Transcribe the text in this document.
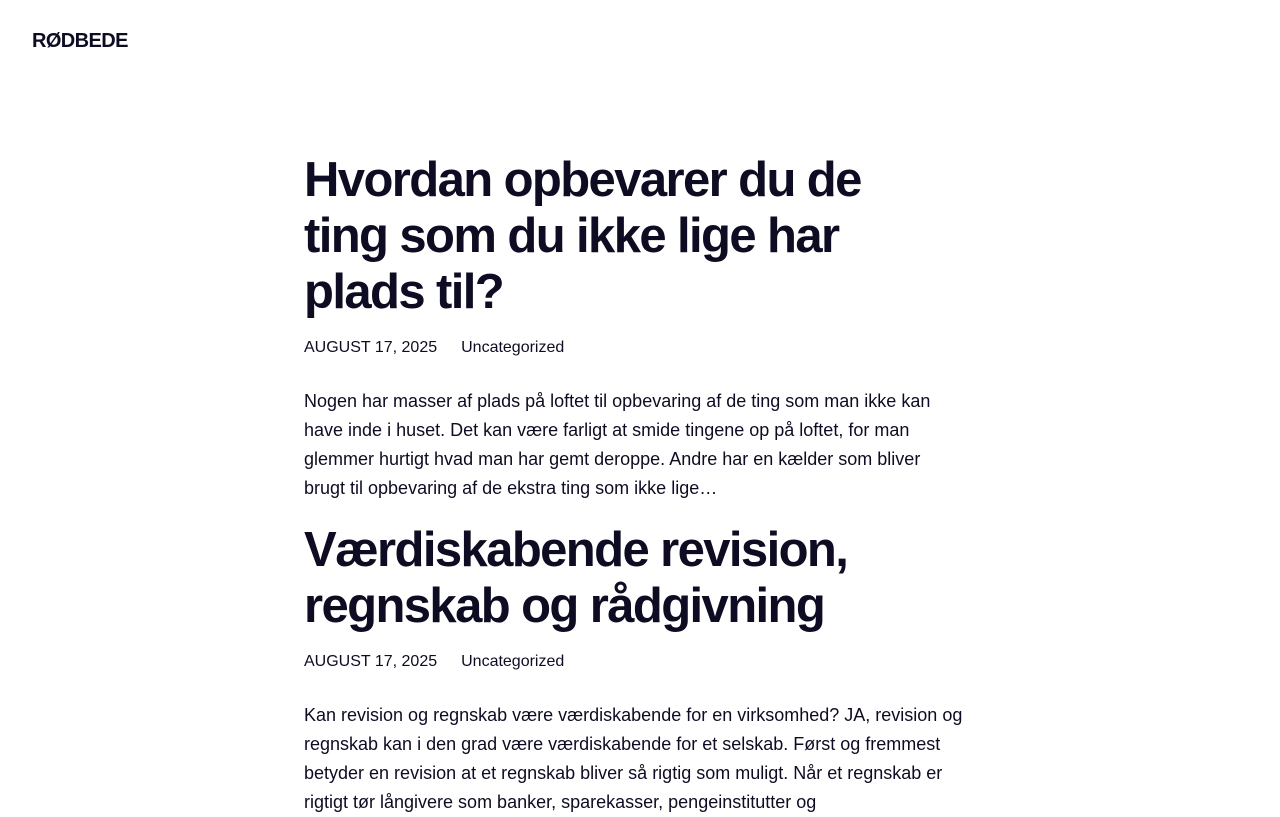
RØDBEDE
Hvordan opbevarer du de ting som du ikke lige har plads til?
AUGUST 17, 2025 Uncategorized

Nogen har masser af plads på loftet til opbevaring af de ting som man ikke kan have inde i huset. Det kan være farligt at smide tingene op på loftet, for man glemmer hurtigt hvad man har gemt deroppe. Andre har en kælder som bliver brugt til opbevaring af de ekstra ting som ikke lige…

Værdiskabende revision, regnskab og rådgivning
AUGUST 17, 2025 Uncategorized

Kan revision og regnskab være værdiskabende for en virksomhed? JA, revision og regnskab kan i den grad være værdiskabende for et selskab. Først og fremmest betyder en revision at et regnskab bliver så rigtig som muligt. Når et regnskab er rigtigt tør långivere som banker, sparekasser, pengeinstitutter og
